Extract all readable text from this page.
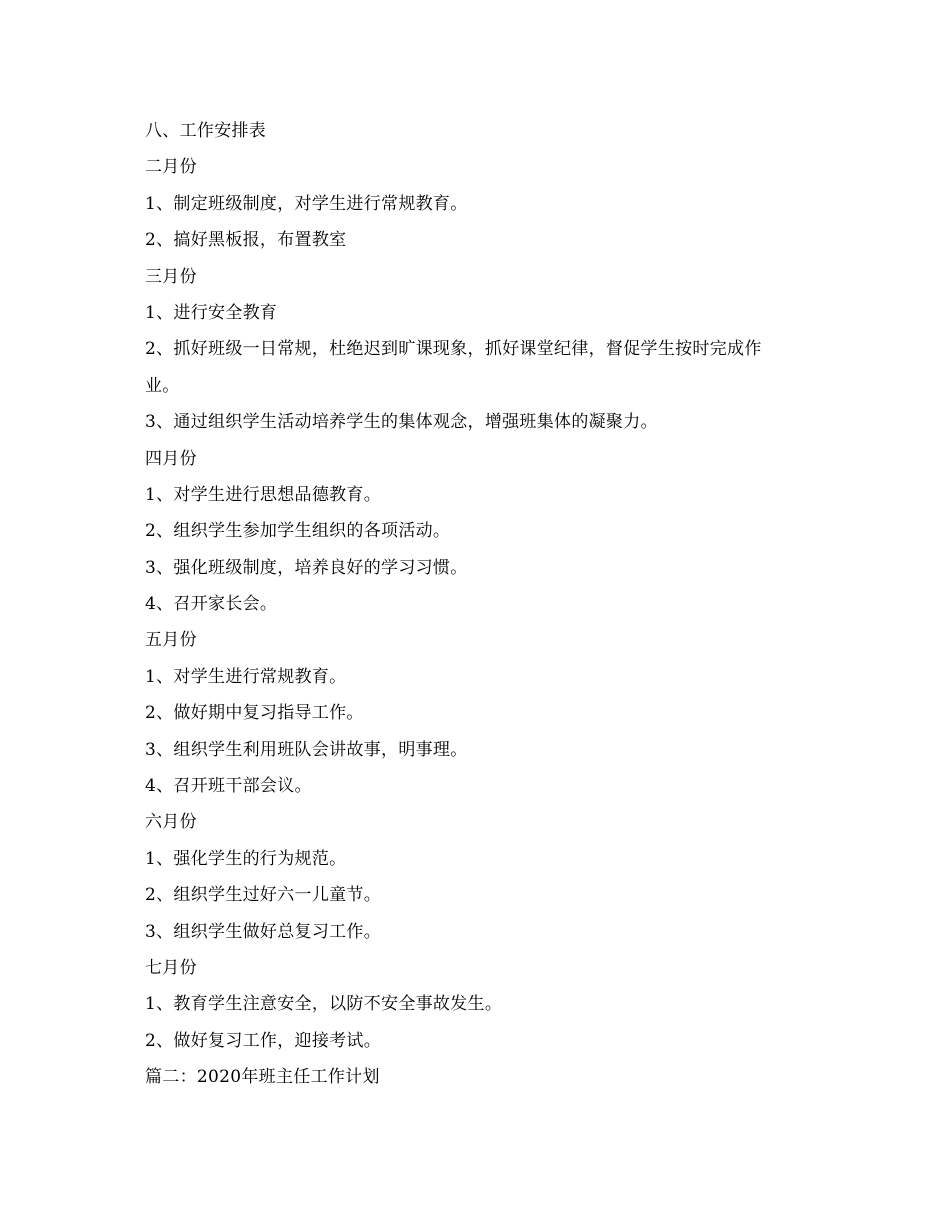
八、工作安排表
二月份
1、制定班级制度，对学生进行常规教育。
2、搞好黑板报，布置教室
三月份
1、进行安全教育
2、抓好班级一日常规，杜绝迟到旷课现象，抓好课堂纪律，督促学生按时完成作
业。
3、通过组织学生活动培养学生的集体观念，增强班集体的凝聚力。
四月份
1、对学生进行思想品德教育。
2、组织学生参加学生组织的各项活动。
3、强化班级制度，培养良好的学习习惯。
4、召开家长会。
五月份
1、对学生进行常规教育。
2、做好期中复习指导工作。
3、组织学生利用班队会讲故事，明事理。
4、召开班干部会议。
六月份
1、强化学生的行为规范。
2、组织学生过好六一儿童节。
3、组织学生做好总复习工作。
七月份
1、教育学生注意安全，以防不安全事故发生。
2、做好复习工作，迎接考试。
篇二：2020年班主任工作计划
